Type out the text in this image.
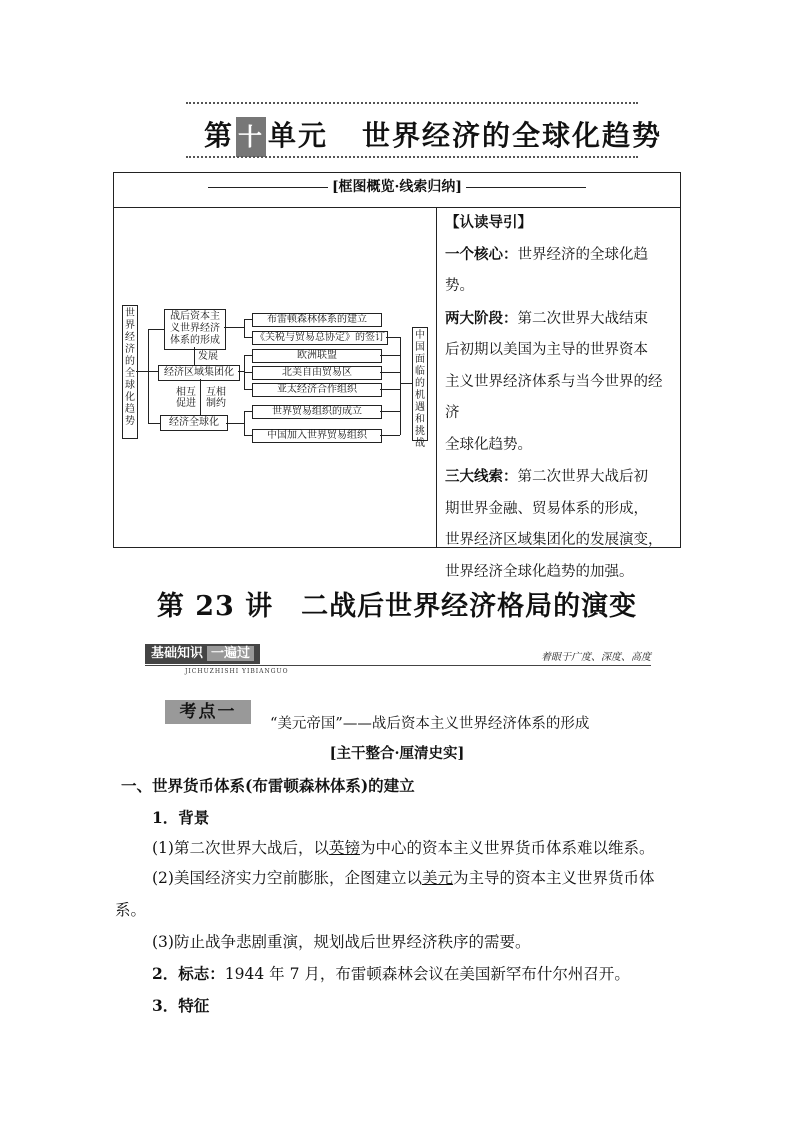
第 十 单元 世界经济的全球化趋势
[框图概览·线索归纳]
世界经济的全球化趋势
中国面临的机遇和挑战
战后资本主义世界经济体系的形成
经济区域集团化
经济全球化
发展
相互促进
互相制约
布雷顿森林体系的建立
《关税与贸易总协定》的签订
欧洲联盟
北美自由贸易区
亚太经济合作组织
世界贸易组织的成立
中国加入世界贸易组织

【认读导引】

一个核心：世界经济的全球化趋

势。

两大阶段：第二次世界大战结束

后初期以美国为主导的世界资本

主义世界经济体系与当今世界的经济

全球化趋势。

三大线索：第二次世界大战后初

期世界金融、贸易体系的形成，

世界经济区域集团化的发展演变，

世界经济全球化趋势的加强。

第 23 讲　二战后世界经济格局的演变
基础知识 一遍过
JICHUZHISHI YIBIANGUO
着眼于广度、深度、高度
考点一
“美元帝国”——战后资本主义世界经济体系的形成
[主干整合·厘清史实]
一、世界货币体系(布雷顿森林体系)的建立
1．背景
(1)第二次世界大战后，以英镑为中心的资本主义世界货币体系难以维系。
(2)美国经济实力空前膨胀，企图建立以美元为主导的资本主义世界货币体
系。
(3)防止战争悲剧重演，规划战后世界经济秩序的需要。
2．标志：1944 年 7 月，布雷顿森林会议在美国新罕布什尔州召开。
3．特征
